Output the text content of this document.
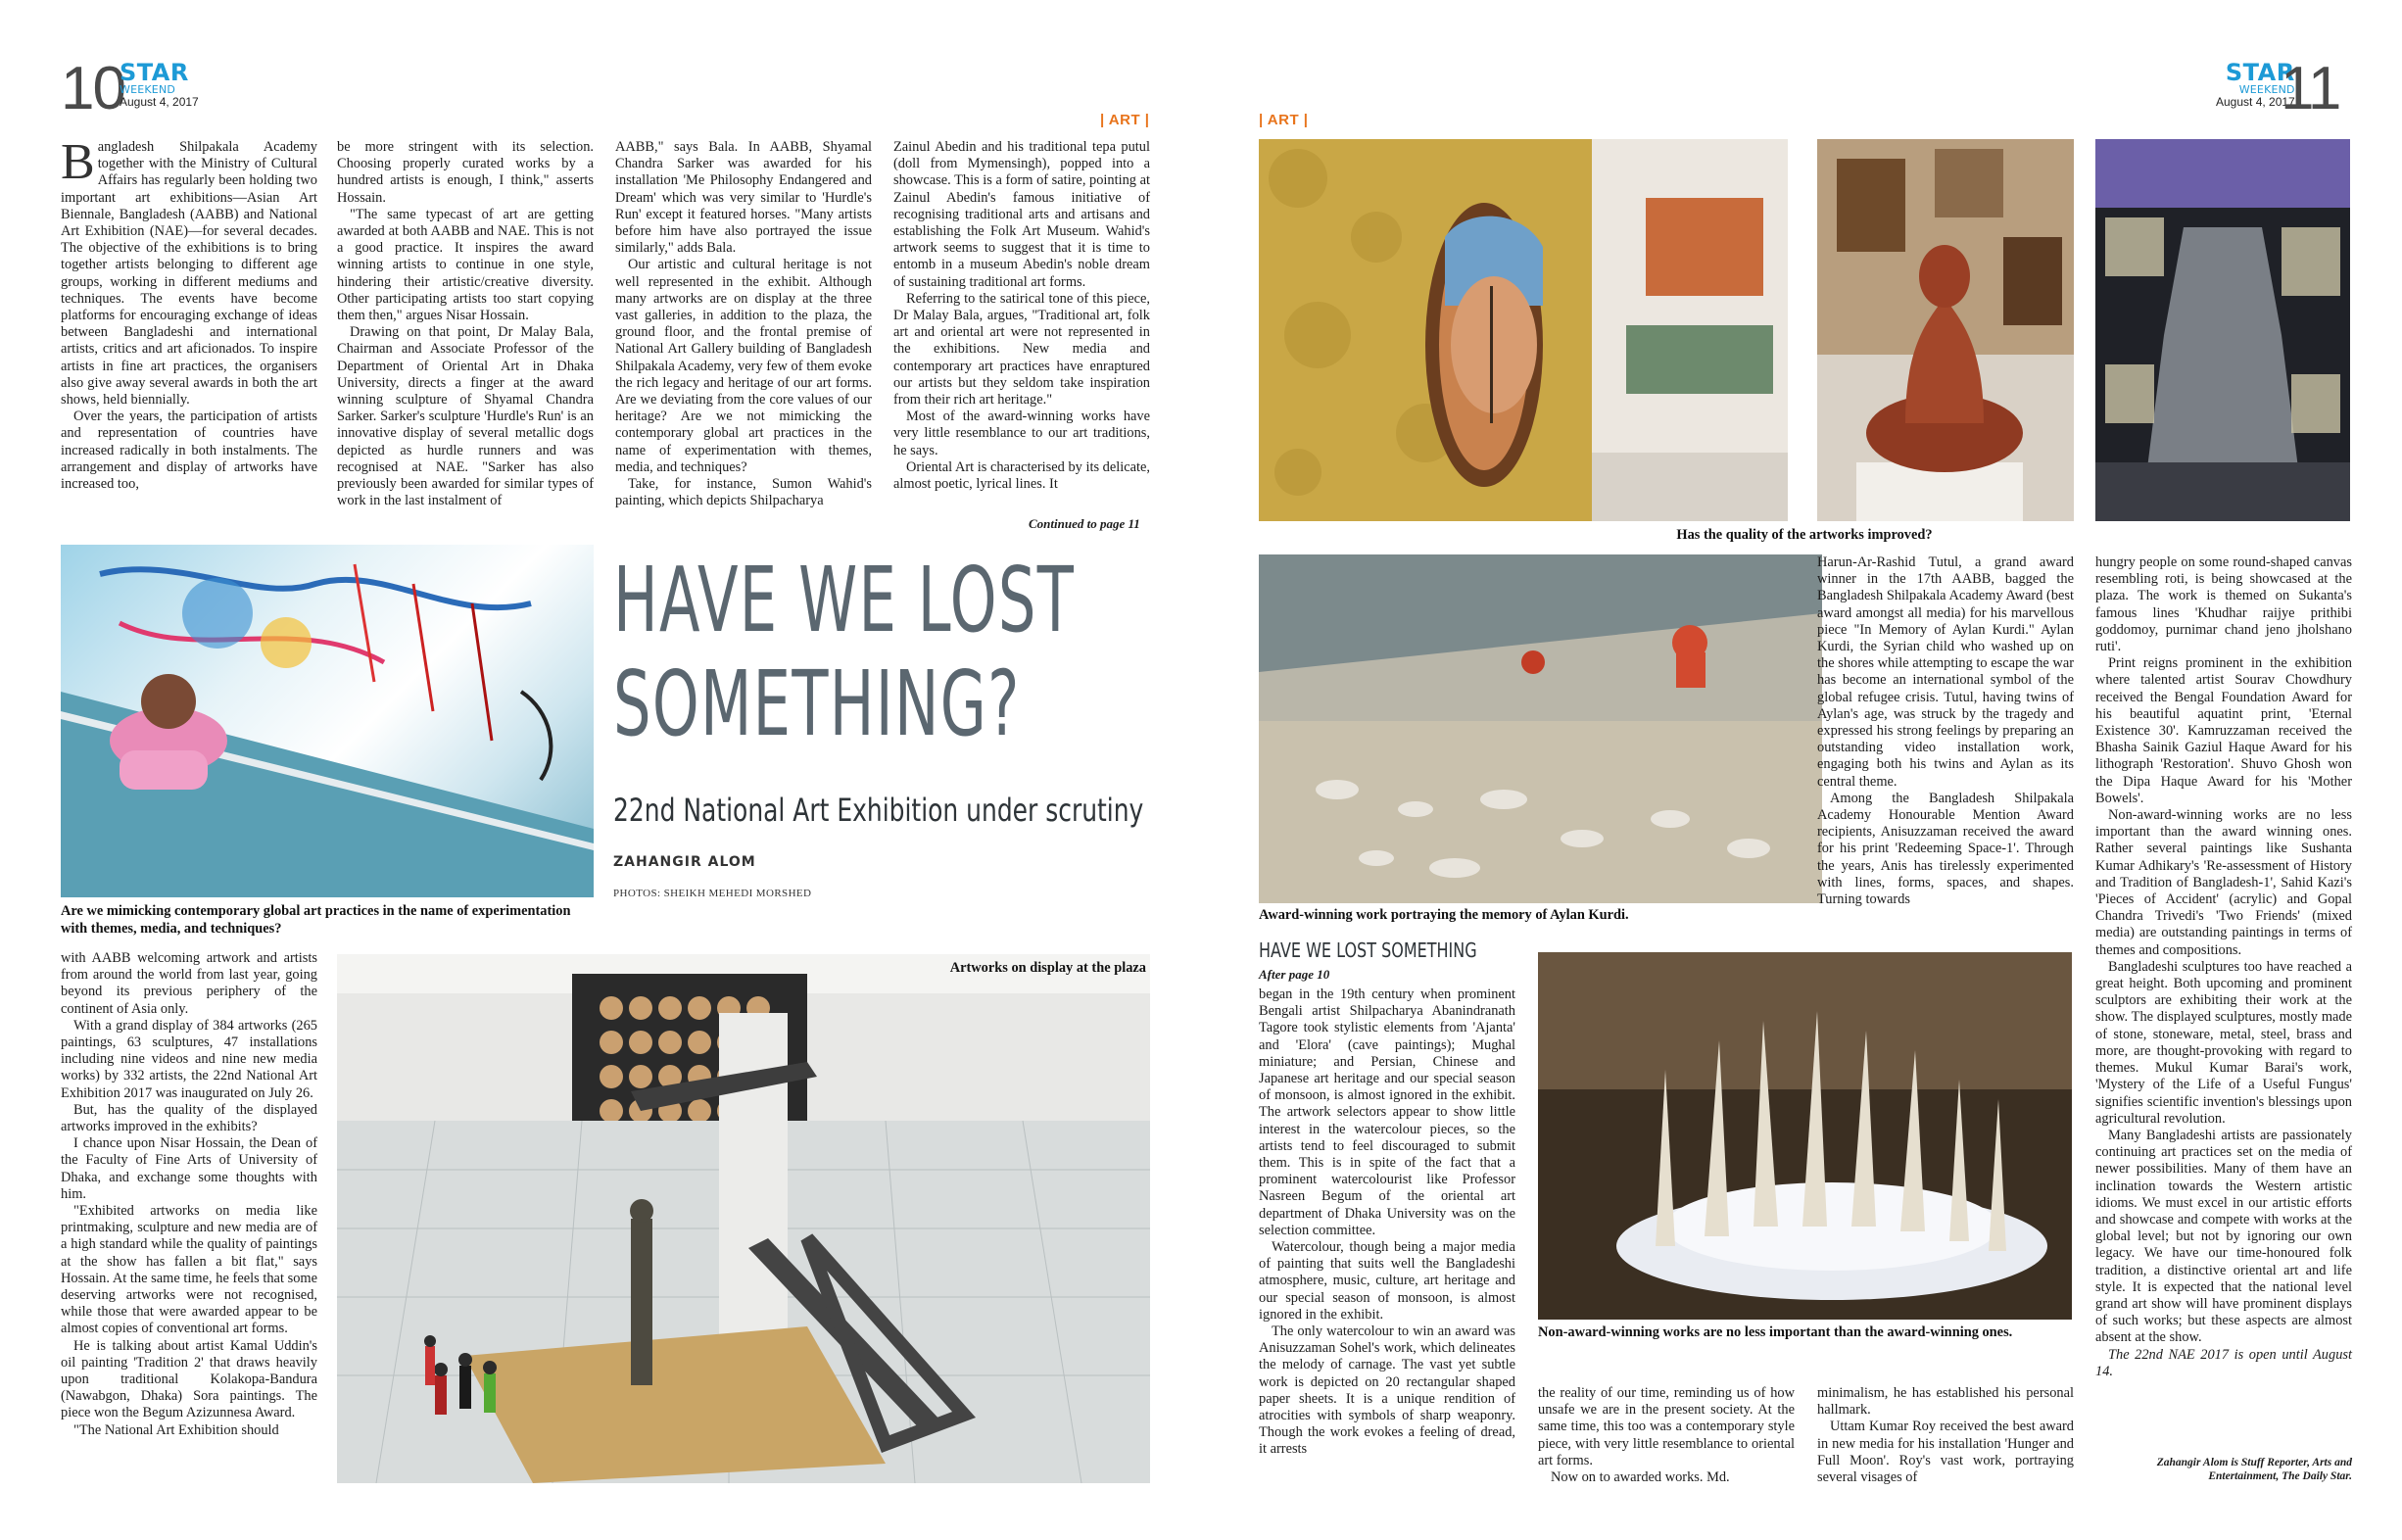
10
STAR
WEEKEND
August 4, 2017
| ART |
STAR
WEEKEND
August 4, 2017
11
| ART |

Bangladesh Shilpakala Academy together with the Ministry of Cultural Affairs has regularly been holding two important art exhibitions—Asian Art Biennale, Bangladesh (AABB) and National Art Exhibition (NAE)—for several decades. The objective of the exhibitions is to bring together artists belonging to different age groups, working in different mediums and techniques. The events have become platforms for encouraging exchange of ideas between Bangladeshi and international artists, critics and art aficionados. To inspire artists in fine art practices, the organisers also give away several awards in both the art shows, held biennially.

Over the years, the participation of artists and representation of countries have increased radically in both instalments. The arrangement and display of artworks have increased too,

be more stringent with its selection. Choosing properly curated works by a hundred artists is enough, I think," asserts Hossain.

"The same typecast of art are getting awarded at both AABB and NAE. This is not a good practice. It inspires the award winning artists to continue in one style, hindering their artistic/creative diversity. Other participating artists too start copying them then," argues Nisar Hossain.

Drawing on that point, Dr Malay Bala, Chairman and Associate Professor of the Department of Oriental Art in Dhaka University, directs a finger at the award winning sculpture of Shyamal Chandra Sarker. Sarker's sculpture 'Hurdle's Run' is an innovative display of several metallic dogs depicted as hurdle runners and was recognised at NAE. "Sarker has also previously been awarded for similar types of work in the last instalment of

AABB," says Bala. In AABB, Shyamal Chandra Sarker was awarded for his installation 'Me Philosophy Endangered and Dream' which was very similar to 'Hurdle's Run' except it featured horses. "Many artists before him have also portrayed the issue similarly," adds Bala.

Our artistic and cultural heritage is not well represented in the exhibit. Although many artworks are on display at the three vast galleries, in addition to the plaza, the ground floor, and the frontal premise of National Art Gallery building of Bangladesh Shilpakala Academy, very few of them evoke the rich legacy and heritage of our art forms. Are we deviating from the core values of our heritage? Are we not mimicking the contemporary global art practices in the name of experimentation with themes, media, and techniques?

Take, for instance, Sumon Wahid's painting, which depicts Shilpacharya

Zainul Abedin and his traditional tepa putul (doll from Mymensingh), popped into a showcase. This is a form of satire, pointing at Zainul Abedin's famous initiative of recognising traditional arts and artisans and establishing the Folk Art Museum. Wahid's artwork seems to suggest that it is time to entomb in a museum Abedin's noble dream of sustaining traditional art forms.

Referring to the satirical tone of this piece, Dr Malay Bala, argues, "Traditional art, folk art and oriental art were not represented in the exhibitions. New media and contemporary art practices have enraptured our artists but they seldom take inspiration from their rich art heritage."

Most of the award-winning works have very little resemblance to our art traditions, he says.

Oriental Art is characterised by its delicate, almost poetic, lyrical lines. It

Continued to page 11
Are we mimicking contemporary global art practices in the name of experimentation with themes, media, and techniques?
HAVE WE LOST
SOMETHING?
22nd National Art Exhibition under scrutiny
ZAHANGIR ALOM
PHOTOS: SHEIKH MEHEDI MORSHED

with AABB welcoming artwork and artists from around the world from last year, going beyond its previous periphery of the continent of Asia only.

With a grand display of 384 artworks (265 paintings, 63 sculptures, 47 installations including nine videos and nine new media works) by 332 artists, the 22nd National Art Exhibition 2017 was inaugurated on July 26.

But, has the quality of the displayed artworks improved in the exhibits?

I chance upon Nisar Hossain, the Dean of the Faculty of Fine Arts of University of Dhaka, and exchange some thoughts with him.

"Exhibited artworks on media like printmaking, sculpture and new media are of a high standard while the quality of paintings at the show has fallen a bit flat," says Hossain. At the same time, he feels that some deserving artworks were not recognised, while those that were awarded appear to be almost copies of conventional art forms.

He is talking about artist Kamal Uddin's oil painting 'Tradition 2' that draws heavily upon traditional Kolakopa-Bandura (Nawabgon, Dhaka) Sora paintings. The piece won the Begum Azizunnesa Award.

"The National Art Exhibition should

Artworks on display at the plaza
Has the quality of the artworks improved?
Award-winning work portraying the memory of Aylan Kurdi.

Harun-Ar-Rashid Tutul, a grand award winner in the 17th AABB, bagged the Bangladesh Shilpakala Academy Award (best award amongst all media) for his marvellous piece "In Memory of Aylan Kurdi." Aylan Kurdi, the Syrian child who washed up on the shores while attempting to escape the war has become an international symbol of the global refugee crisis. Tutul, having twins of Aylan's age, was struck by the tragedy and expressed his strong feelings by preparing an outstanding video installation work, engaging both his twins and Aylan as its central theme.

Among the Bangladesh Shilpakala Academy Honourable Mention Award recipients, Anisuzzaman received the award for his print 'Redeeming Space-1'. Through the years, Anis has tirelessly experimented with lines, forms, spaces, and shapes. Turning towards

hungry people on some round-shaped canvas resembling roti, is being showcased at the plaza. The work is themed on Sukanta's famous lines 'Khudhar raijye prithibi goddomoy, purnimar chand jeno jholshano ruti'.

Print reigns prominent in the exhibition where talented artist Sourav Chowdhury received the Bengal Foundation Award for his beautiful aquatint print, 'Eternal Existence 30'. Kamruzzaman received the Bhasha Sainik Gaziul Haque Award for his lithograph 'Restoration'. Shuvo Ghosh won the Dipa Haque Award for his 'Mother Bowels'.

Non-award-winning works are no less important than the award winning ones. Rather several paintings like Sushanta Kumar Adhikary's 'Re-assessment of History and Tradition of Bangladesh-1', Sahid Kazi's 'Pieces of Accident' (acrylic) and Gopal Chandra Trivedi's 'Two Friends' (mixed media) are outstanding paintings in terms of themes and compositions.

Bangladeshi sculptures too have reached a great height. Both upcoming and prominent sculptors are exhibiting their work at the show. The displayed sculptures, mostly made of stone, stoneware, metal, steel, brass and more, are thought-provoking with regard to themes. Mukul Kumar Barai's work, 'Mystery of the Life of a Useful Fungus' signifies scientific invention's blessings upon agricultural revolution.

Many Bangladeshi artists are passionately continuing art practices set on the media of newer possibilities. Many of them have an inclination towards the Western artistic idioms. We must excel in our artistic efforts and showcase and compete with works at the global level; but not by ignoring our own legacy. We have our time-honoured folk tradition, a distinctive oriental art and life style. It is expected that the national level grand art show will have prominent displays of such works; but these aspects are almost absent at the show.

The 22nd NAE 2017 is open until August 14.

Zahangir Alom is Stuff Reporter, Arts and Entertainment, The Daily Star.
HAVE WE LOST SOMETHING
After page 10

began in the 19th century when prominent Bengali artist Shilpacharya Abanindranath Tagore took stylistic elements from 'Ajanta' and 'Elora' (cave paintings); Mughal miniature; and Persian, Chinese and Japanese art heritage and our special season of monsoon, is almost ignored in the exhibit. The artwork selectors appear to show little interest in the watercolour pieces, so the artists tend to feel discouraged to submit them. This is in spite of the fact that a prominent watercolourist like Professor Nasreen Begum of the oriental art department of Dhaka University was on the selection committee.

Watercolour, though being a major media of painting that suits well the Bangladeshi atmosphere, music, culture, art heritage and our special season of monsoon, is almost ignored in the exhibit.

The only watercolour to win an award was Anisuzzaman Sohel's work, which delineates the melody of carnage. The vast yet subtle work is depicted on 20 rectangular shaped paper sheets. It is a unique rendition of atrocities with symbols of sharp weaponry. Though the work evokes a feeling of dread, it arrests

Non-award-winning works are no less important than the award-winning ones.

the reality of our time, reminding us of how unsafe we are in the present society. At the same time, this too was a contemporary style piece, with very little resemblance to oriental art forms.

Now on to awarded works. Md.

minimalism, he has established his personal hallmark.

Uttam Kumar Roy received the best award in new media for his installation 'Hunger and Full Moon'. Roy's vast work, portraying several visages of
